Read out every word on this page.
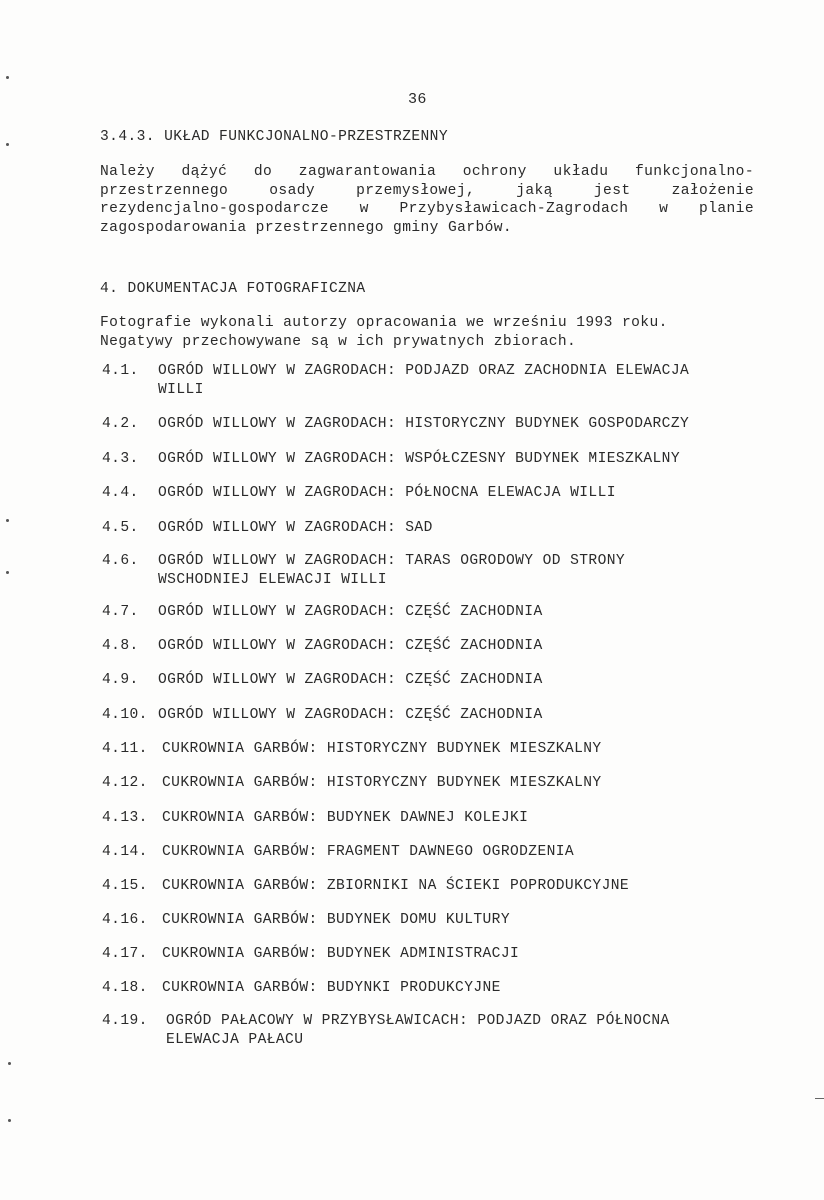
36
3.4.3. UKŁAD FUNKCJONALNO-PRZESTRZENNY
Należy dążyć do zagwarantowania ochrony układu funkcjonalno-
przestrzennego osady przemysłowej, jaką jest założenie
rezydencjalno-gospodarcze w Przybysławicach-Zagrodach w planie
zagospodarowania przestrzennego gminy Garbów.
4. DOKUMENTACJA FOTOGRAFICZNA
Fotografie wykonali autorzy opracowania we wrześniu 1993 roku.
Negatywy przechowywane są w ich prywatnych zbiorach.
4.1. OGRÓD WILLOWY W ZAGRODACH: PODJAZD ORAZ ZACHODNIA ELEWACJA
WILLI
4.2. OGRÓD WILLOWY W ZAGRODACH: HISTORYCZNY BUDYNEK GOSPODARCZY
4.3. OGRÓD WILLOWY W ZAGRODACH: WSPÓŁCZESNY BUDYNEK MIESZKALNY
4.4. OGRÓD WILLOWY W ZAGRODACH: PÓŁNOCNA ELEWACJA WILLI
4.5. OGRÓD WILLOWY W ZAGRODACH: SAD
4.6. OGRÓD WILLOWY W ZAGRODACH: TARAS OGRODOWY OD STRONY
WSCHODNIEJ ELEWACJI WILLI
4.7. OGRÓD WILLOWY W ZAGRODACH: CZĘŚĆ ZACHODNIA
4.8. OGRÓD WILLOWY W ZAGRODACH: CZĘŚĆ ZACHODNIA
4.9. OGRÓD WILLOWY W ZAGRODACH: CZĘŚĆ ZACHODNIA
4.10. OGRÓD WILLOWY W ZAGRODACH: CZĘŚĆ ZACHODNIA
4.11. CUKROWNIA GARBÓW: HISTORYCZNY BUDYNEK MIESZKALNY
4.12. CUKROWNIA GARBÓW: HISTORYCZNY BUDYNEK MIESZKALNY
4.13. CUKROWNIA GARBÓW: BUDYNEK DAWNEJ KOLEJKI
4.14. CUKROWNIA GARBÓW: FRAGMENT DAWNEGO OGRODZENIA
4.15. CUKROWNIA GARBÓW: ZBIORNIKI NA ŚCIEKI POPRODUKCYJNE
4.16. CUKROWNIA GARBÓW: BUDYNEK DOMU KULTURY
4.17. CUKROWNIA GARBÓW: BUDYNEK ADMINISTRACJI
4.18. CUKROWNIA GARBÓW: BUDYNKI PRODUKCYJNE
4.19. OGRÓD PAŁACOWY W PRZYBYSŁAWICACH: PODJAZD ORAZ PÓŁNOCNA
ELEWACJA PAŁACU
